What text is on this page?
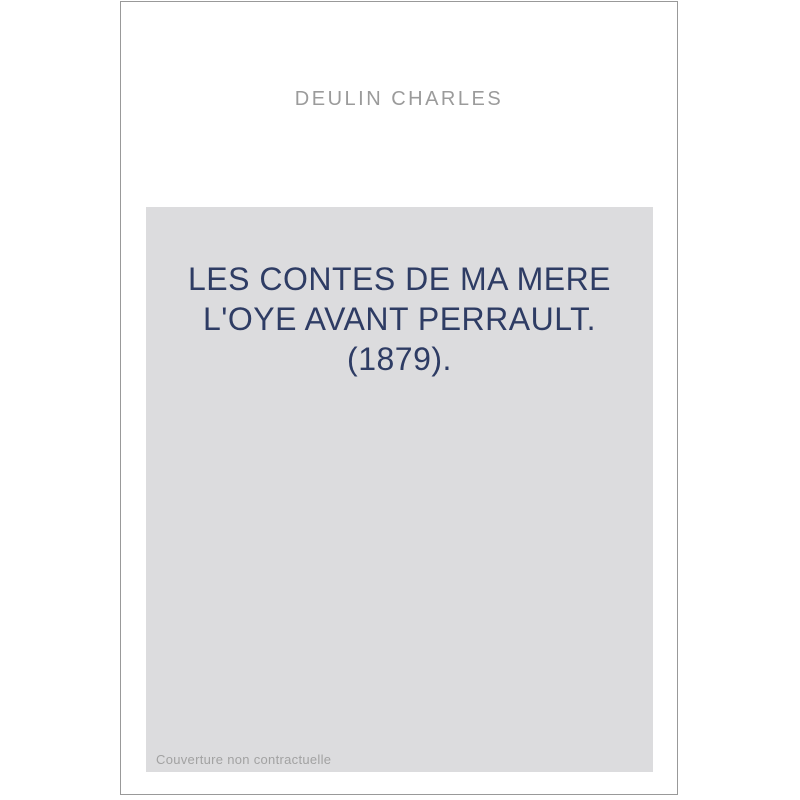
DEULIN CHARLES
LES CONTES DE MA MERE
L'OYE AVANT PERRAULT.
(1879).
Couverture non contractuelle
